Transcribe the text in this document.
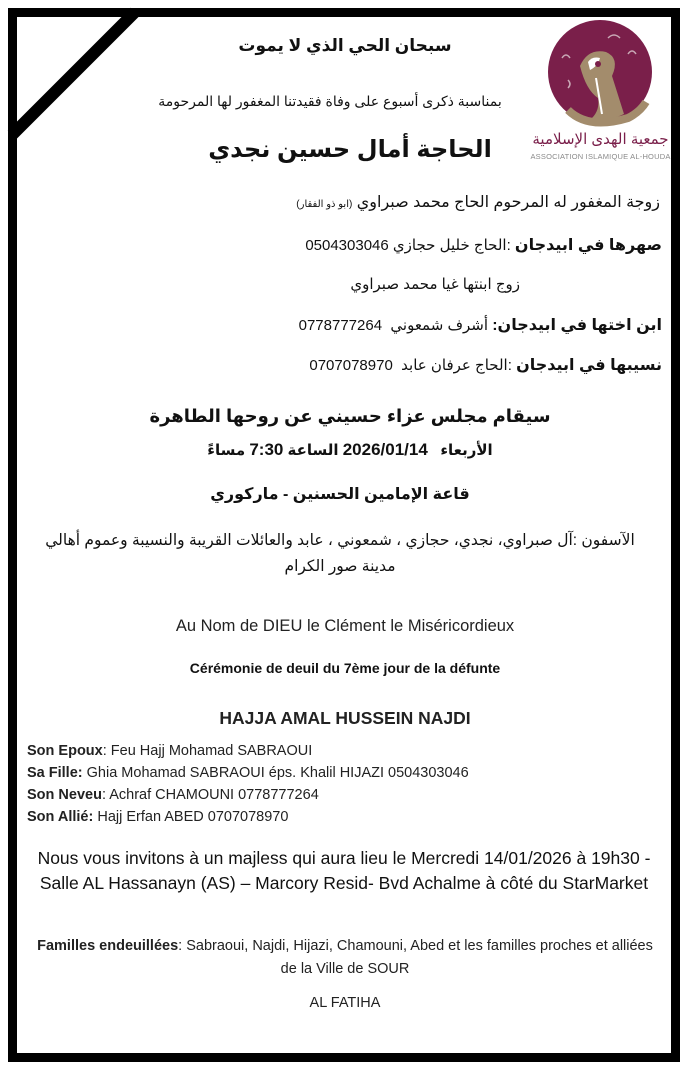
جمعية الهدى الإسلامية
ASSOCIATION ISLAMIQUE AL-HOUDA
سبحان الحي الذي لا يموت
بمناسبة ذكرى أسبوع على وفاة فقيدتنا المغفور لها المرحومة
الحاجة أمال حسين نجدي
زوجة المغفور له المرحوم الحاج محمد صبراوي (ابو ذو الفقار)
صهرها في ابيدجان :الحاج خليل حجازي 0504303046
زوج ابنتها غيا محمد صبراوي
ابن اختها في ابيدجان: أشرف شمعوني  0778777264
نسيبها في ابيدجان :الحاج عرفان عابد  0707078970
سيقام مجلس عزاء حسيني عن روحها الطاهرة
الأربعاء   2026/01/14 الساعة 7:30 مساءً
قاعة الإمامين الحسنين - ماركوري
الآسفون :آل صبراوي، نجدي، حجازي ، شمعوني ، عابد والعائلات القريبة والنسيبة وعموم أهالي مدينة صور الكرام
Au Nom de DIEU le Clément le Miséricordieux
Cérémonie de deuil du 7ème jour de la défunte
HAJJA AMAL HUSSEIN NAJDI
Son Epoux: Feu Hajj Mohamad SABRAOUI
Sa Fille: Ghia Mohamad SABRAOUI éps. Khalil HIJAZI 0504303046
Son Neveu: Achraf CHAMOUNI 0778777264
Son Allié: Hajj Erfan ABED 0707078970
Nous vous invitons à un majless qui aura lieu le Mercredi 14/01/2026 à 19h30 - Salle AL Hassanayn (AS) – Marcory Resid- Bvd Achalme à côté du StarMarket
Familles endeuillées: Sabraoui, Najdi, Hijazi, Chamouni, Abed et les familles proches et alliées de la Ville de SOUR
AL FATIHA
